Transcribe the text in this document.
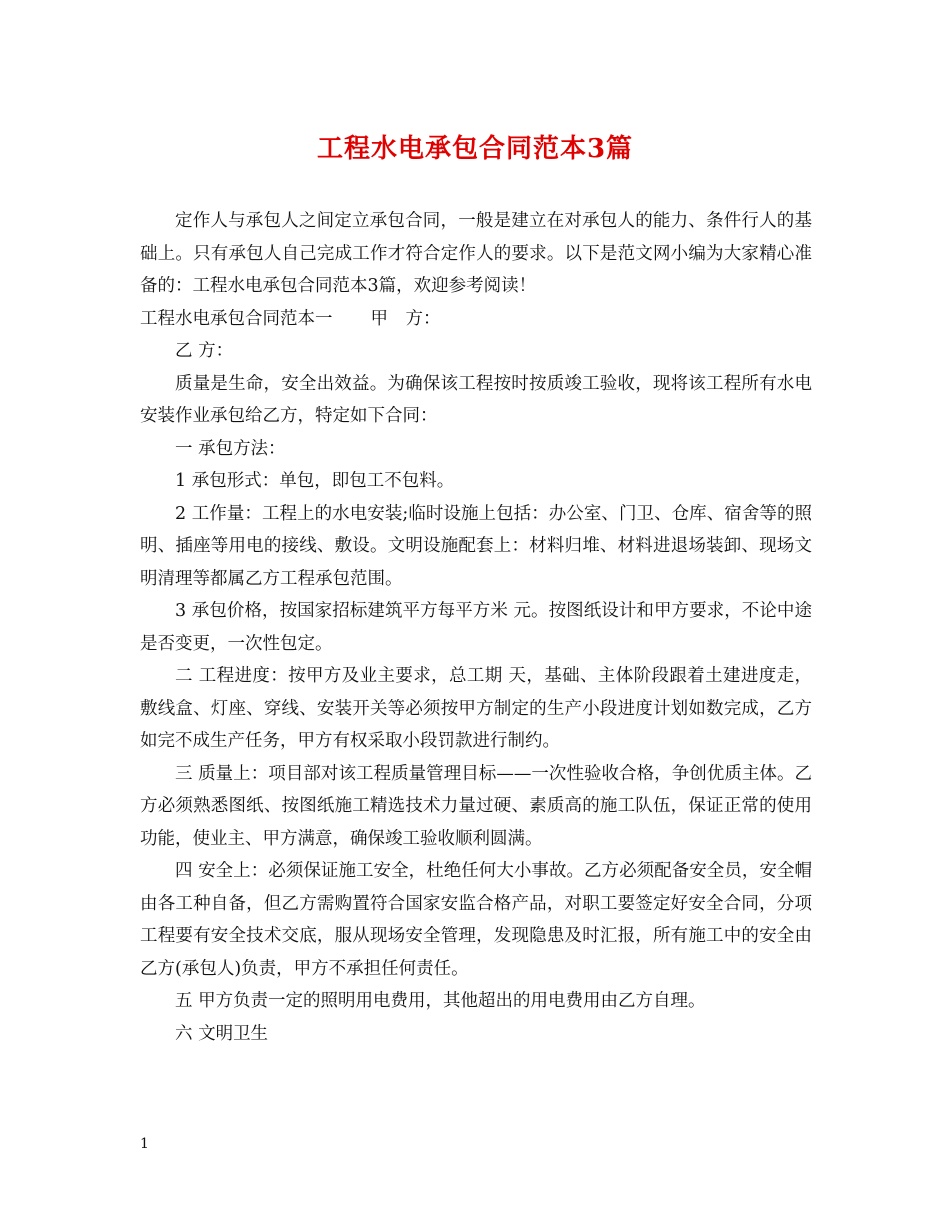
工程水电承包合同范本3篇

定作人与承包人之间定立承包合同，一般是建立在对承包人的能力、条件行人的基础上。只有承包人自己完成工作才符合定作人的要求。以下是范文网小编为大家精心准备的：工程水电承包合同范本3篇，欢迎参考阅读！

工程水电承包合同范本一 甲　方：

乙 方：

质量是生命，安全出效益。为确保该工程按时按质竣工验收，现将该工程所有水电安装作业承包给乙方，特定如下合同：

一 承包方法：

1 承包形式：单包，即包工不包料。

2 工作量：工程上的水电安装;临时设施上包括：办公室、门卫、仓库、宿舍等的照明、插座等用电的接线、敷设。文明设施配套上：材料归堆、材料进退场装卸、现场文明清理等都属乙方工程承包范围。

3 承包价格，按国家招标建筑平方每平方米 元。按图纸设计和甲方要求，不论中途是否变更，一次性包定。

二 工程进度：按甲方及业主要求，总工期 天，基础、主体阶段跟着土建进度走，敷线盒、灯座、穿线、安装开关等必须按甲方制定的生产小段进度计划如数完成，乙方如完不成生产任务，甲方有权采取小段罚款进行制约。

三 质量上：项目部对该工程质量管理目标——一次性验收合格，争创优质主体。乙方必须熟悉图纸、按图纸施工精选技术力量过硬、素质高的施工队伍，保证正常的使用功能，使业主、甲方满意，确保竣工验收顺利圆满。

四 安全上：必须保证施工安全，杜绝任何大小事故。乙方必须配备安全员，安全帽由各工种自备，但乙方需购置符合国家安监合格产品，对职工要签定好安全合同，分项工程要有安全技术交底，服从现场安全管理，发现隐患及时汇报，所有施工中的安全由乙方(承包人)负责，甲方不承担任何责任。

五 甲方负责一定的照明用电费用，其他超出的用电费用由乙方自理。

六 文明卫生

1
